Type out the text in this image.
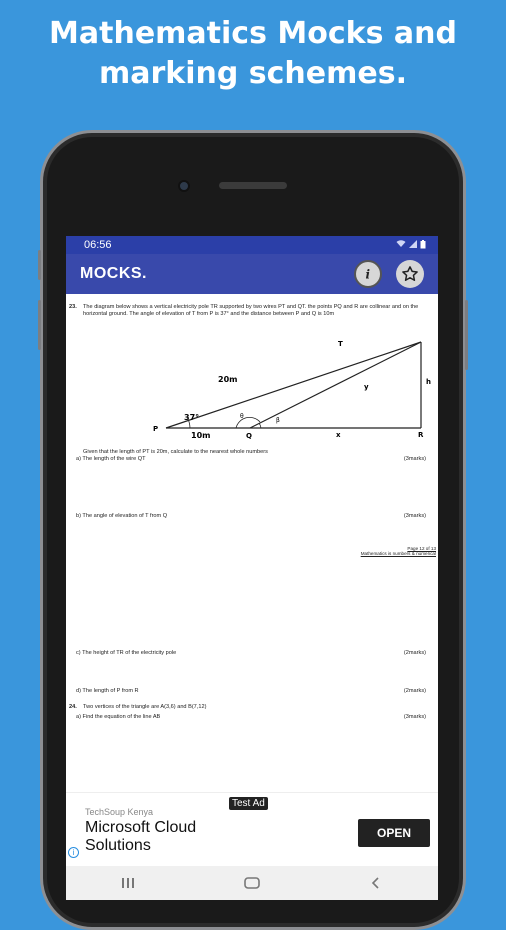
Mathematics Mocks and
marking schemes.
06:56
MOCKS.	i
23.	The diagram below shows a vertical electricity pole TR supported by two wires PT and QT. the points PQ and R are collinear and on the horizontal ground. The angle of elevation of T from P is 37° and the distance between P and Q is 10m
T
P
Q	R
20m
37°
10m
y
h
x
θ
β
Given that the length of PT is 20m, calculate to the nearest whole numbers
a) The length of the wire QT	(3marks)
b) The angle of elevation of T from Q	(3marks)
Page 12 of 13
Mathematics is numbers & numerical
c) The height of TR of the electricity pole	(2marks)
d) The length of P from R	(2marks)
24.	Two vertices of the triangle are A(3,6) and B(7,12)
a) Find the equation of the line AB	(3marks)
Test Ad
TechSoup Kenya
Microsoft Cloud Solutions
OPEN
i
